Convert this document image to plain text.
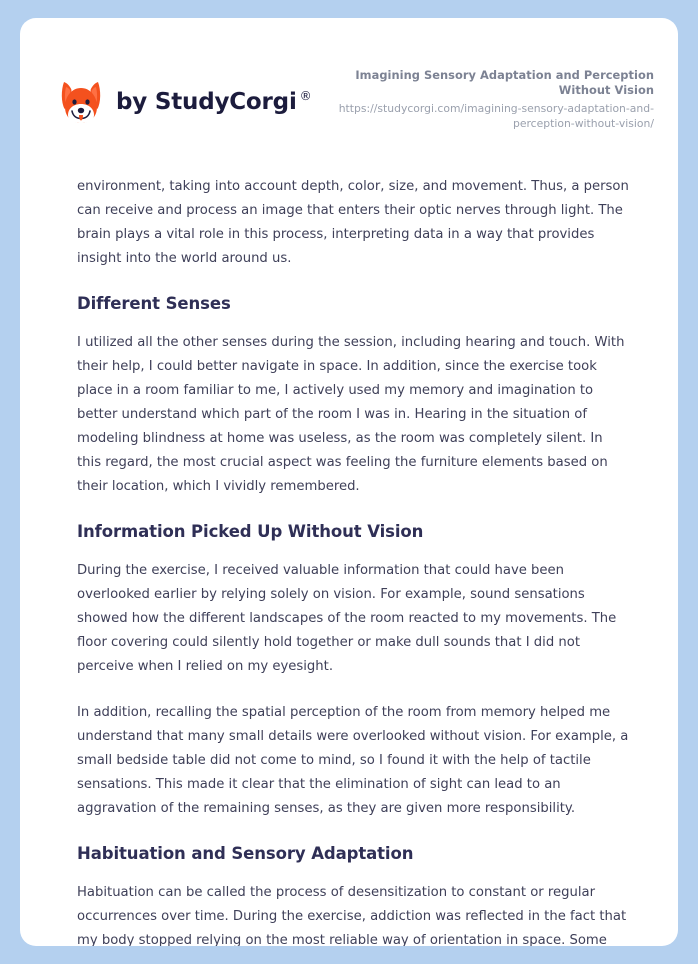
by StudyCorgi ®
Imagining Sensory Adaptation and Perception Without Vision
https://studycorgi.com/imagining-sensory-adaptation-and-perception-without-vision/

environment, taking into account depth, color, size, and movement. Thus, a person can receive and process an image that enters their optic nerves through light. The brain plays a vital role in this process, interpreting data in a way that provides insight into the world around us.

Different Senses

I utilized all the other senses during the session, including hearing and touch. With their help, I could better navigate in space. In addition, since the exercise took place in a room familiar to me, I actively used my memory and imagination to better understand which part of the room I was in. Hearing in the situation of modeling blindness at home was useless, as the room was completely silent. In this regard, the most crucial aspect was feeling the furniture elements based on their location, which I vividly remembered.

Information Picked Up Without Vision

During the exercise, I received valuable information that could have been overlooked earlier by relying solely on vision. For example, sound sensations showed how the different landscapes of the room reacted to my movements. The floor covering could silently hold together or make dull sounds that I did not perceive when I relied on my eyesight.

In addition, recalling the spatial perception of the room from memory helped me understand that many small details were overlooked without vision. For example, a small bedside table did not come to mind, so I found it with the help of tactile sensations. This made it clear that the elimination of sight can lead to an aggravation of the remaining senses, as they are given more responsibility.

Habituation and Sensory Adaptation

Habituation can be called the process of desensitization to constant or regular occurrences over time. During the exercise, addiction was reflected in the fact that my body stopped relying on the most reliable way of orientation in space. Some
